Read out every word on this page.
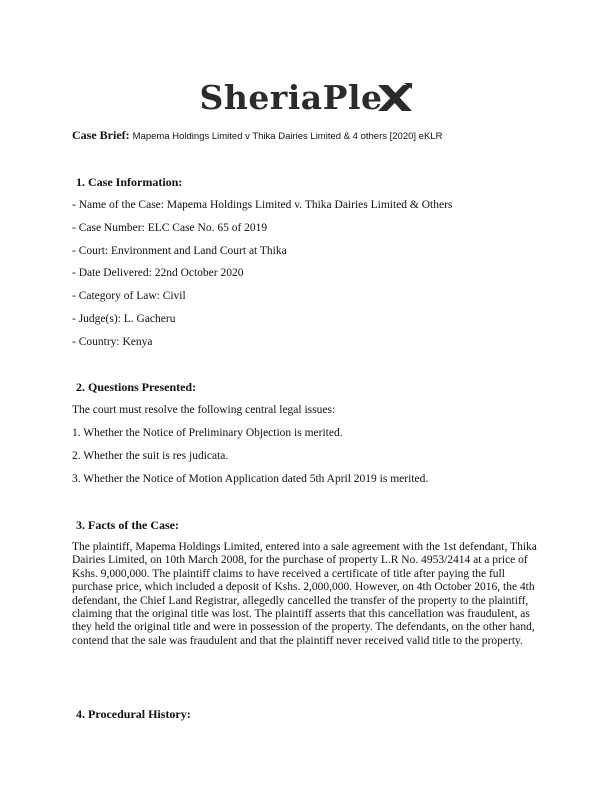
SheriaPle
Case Brief: Mapema Holdings Limited v Thika Dairies Limited & 4 others [2020] eKLR
1. Case Information:
- Name of the Case: Mapema Holdings Limited v. Thika Dairies Limited & Others
- Case Number: ELC Case No. 65 of 2019
- Court: Environment and Land Court at Thika
- Date Delivered: 22nd October 2020
- Category of Law: Civil
- Judge(s): L. Gacheru
- Country: Kenya
2. Questions Presented:
The court must resolve the following central legal issues:
1. Whether the Notice of Preliminary Objection is merited.
2. Whether the suit is res judicata.
3. Whether the Notice of Motion Application dated 5th April 2019 is merited.
3. Facts of the Case:
The plaintiff, Mapema Holdings Limited, entered into a sale agreement with the 1st defendant, Thika Dairies Limited, on 10th March 2008, for the purchase of property L.R No. 4953/2414 at a price of Kshs. 9,000,000. The plaintiff claims to have received a certificate of title after paying the full purchase price, which included a deposit of Kshs. 2,000,000. However, on 4th October 2016, the 4th defendant, the Chief Land Registrar, allegedly cancelled the transfer of the property to the plaintiff, claiming that the original title was lost. The plaintiff asserts that this cancellation was fraudulent, as they held the original title and were in possession of the property. The defendants, on the other hand, contend that the sale was fraudulent and that the plaintiff never received valid title to the property.
4. Procedural History:
